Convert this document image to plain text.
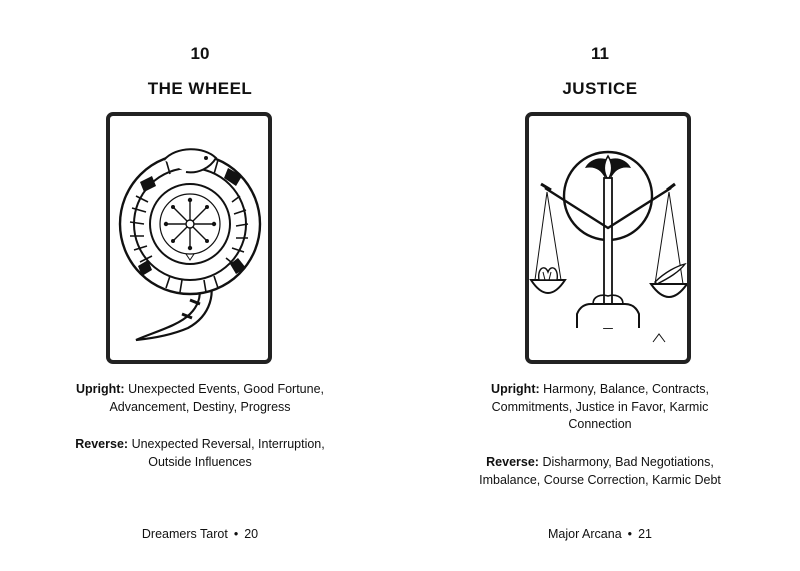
10
THE WHEEL
Upright: Unexpected Events, Good Fortune, Advancement, Destiny, Progress
Reverse: Unexpected Reversal, Interruption, Outside Influences
Dreamers Tarot • 20
11
JUSTICE
Upright: Harmony, Balance, Contracts, Commitments, Justice in Favor, Karmic Connection
Reverse: Disharmony, Bad Negotiations, Imbalance, Course Correction, Karmic Debt
Major Arcana • 21
